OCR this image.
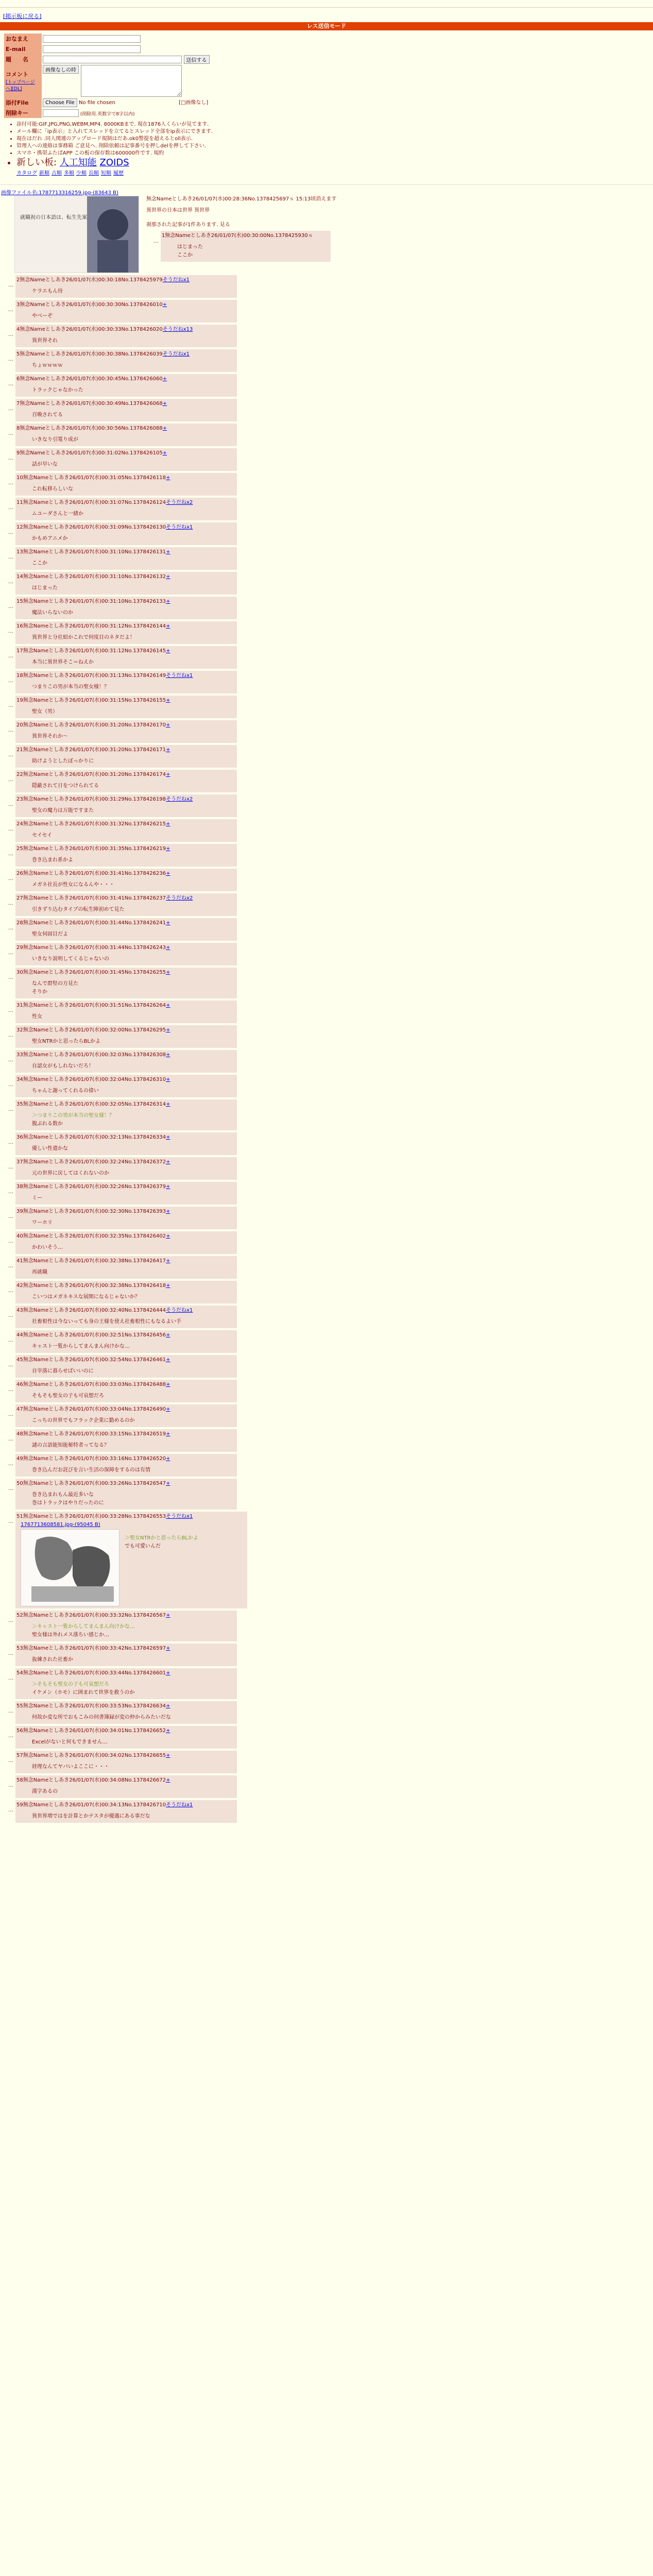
[掲示板に戻る]
レス送信モード
おなまえ	
E-mail	
題　　名	送信する
コメント
[トップページへ][DL]	画像なしの時

添付File	Choose File No file chosen [□画像なし]
削除キー	(削除用.英数字で8字以内)
• 添付可能:GIF,JPG,PNG,WEBM,MP4. 8000KBまで. 現在1876人くらいが見てます.
• メール欄に「ip表示」と入れてスレッドを立てるとスレッド全部をip表示にできます.
• 現在はだれ .同人関連のアップロード規制はだあ.ok0警提を超えるとoll表示.
• 管理人への連絡は事務箱 ご意見へ. 削除依頼は記事番号を押しdelを押して下さい.
• スマホ・携帯ふたばAPP この板の保存数は600000件です. 規約
• 新しい板: 人工知能 ZOIDS
カタログ 新順 古順 多順 少順 長順 短順 履歴
画像ファイル名:1787713316259.jpg-(83643 B)
就職祝の日本語は、転生先案
無念Nameとしあき26/01/07(水)00:28:36No.1378425697ｓ 15:13頃消えます
異世界の日本は世界 異世界
刹那された記事が1件あります. 見る
…
1無念Nameとしあき26/01/07(水)00:30:00No.1378425930ｓ
はじまった
ここか
…
2無念Nameとしあき26/01/07(水)00:30:18No.1378425979そうだねx1
ケラエもん待
…
3無念Nameとしあき26/01/07(水)00:30:30No.1378426010+
やべーぞ
…
4無念Nameとしあき26/01/07(水)00:30:33No.1378426020そうだねx13
異世界それ
…
5無念Nameとしあき26/01/07(水)00:30:38No.1378426039そうだねx1
ちょｗｗｗｗ
…
6無念Nameとしあき26/01/07(水)00:30:45No.1378426060+
トラックじゃなかった
…
7無念Nameとしあき26/01/07(水)00:30:49No.1378426068+
召喚されてる
…
8無念Nameとしあき26/01/07(水)00:30:56No.1378426088+
いきなり引篭り成が
…
9無念Nameとしあき26/01/07(水)00:31:02No.1378426105+
話が早いな
…
10無念Nameとしあき26/01/07(水)00:31:05No.1378426118+
これ転移らしいな
…
11無念Nameとしあき26/01/07(水)00:31:07No.1378426124そうだねx2
ムユーダさんと一緒か
…
12無念Nameとしあき26/01/07(水)00:31:09No.1378426130そうだねx1
かもめアニメか
…
13無念Nameとしあき26/01/07(水)00:31:10No.1378426131+
ここか
…
14無念Nameとしあき26/01/07(水)00:31:10No.1378426132+
はじまった
…
15無念Nameとしあき26/01/07(水)00:31:10No.1378426133+
魔法いらないのか
…
16無念Nameとしあき26/01/07(水)00:31:12No.1378426144+
異世界と分社紹かこれで何度目のネタだよ！
…
17無念Nameとしあき26/01/07(水)00:31:12No.1378426145+
本当に異世界そこ＝ねえか
…
18無念Nameとしあき26/01/07(水)00:31:13No.1378426149そうだねx1
つまりこの男が本当の聖女様！？
…
19無念Nameとしあき26/01/07(水)00:31:15No.1378426155+
聖女（男）
…
20無念Nameとしあき26/01/07(水)00:31:20No.1378426170+
異世界それか～
…
21無念Nameとしあき26/01/07(水)00:31:20No.1378426171+
助けようとしたぼっかりに
…
22無念Nameとしあき26/01/07(水)00:31:20No.1378426174+
隠蔽されて日をつけられてる
…
23無念Nameとしあき26/01/07(水)00:31:29No.1378426198そうだねx2
聖女の魔力は万能ですまた
…
24無念Nameとしあき26/01/07(水)00:31:32No.1378426215+
セイセイ
…
25無念Nameとしあき26/01/07(水)00:31:35No.1378426219+
巻き込まれ系かよ
…
26無念Nameとしあき26/01/07(水)00:31:41No.1378426236+
メガネ社長が性女になるんや・・・
…
27無念Nameとしあき26/01/07(水)00:31:41No.1378426237そうだねx2
引きずり込むタイプの転生陣初めて見た
…
28無念Nameとしあき26/01/07(水)00:31:44No.1378426241+
聖女伺固目だよ
…
29無念Nameとしあき26/01/07(水)00:31:44No.1378426243+
いきなり説明してくるじゃないの
…
30無念Nameとしあき26/01/07(水)00:31:45No.1378426255+
なんで群堅の方見た
そりか
…
31無念Nameとしあき26/01/07(水)00:31:51No.1378426264+
性女
…
32無念Nameとしあき26/01/07(水)00:32:00No.1378426295+
聖女NTRかと思ったらBLかよ
…
33無念Nameとしあき26/01/07(水)00:32:03No.1378426308+
自認女がもしれないだろ！
…
34無念Nameとしあき26/01/07(水)00:32:04No.1378426310+
ちゃんと謝ってくれるの偉い
…
35無念Nameとしあき26/01/07(水)00:32:05No.1378426314+
＞つまりこの男が本当の聖女様！？
腹ぶれる数か
…
36無念Nameとしあき26/01/07(水)00:32:13No.1378426334+
優しい性遣かな
…
37無念Nameとしあき26/01/07(水)00:32:24No.1378426372+
元の世界に戻してはくれないのか
…
38無念Nameとしあき26/01/07(水)00:32:26No.1378426379+
ミー
…
39無念Nameとしあき26/01/07(水)00:32:30No.1378426393+
ワーホリ
…
40無念Nameとしあき26/01/07(水)00:32:35No.1378426402+
かわいそう…
…
41無念Nameとしあき26/01/07(水)00:32:38No.1378426417+
再就職
…
42無念Nameとしあき26/01/07(水)00:32:38No.1378426418+
こいつはメガネキスな展開になるじゃないか？
…
43無念Nameとしあき26/01/07(水)00:32:40No.1378426444そうだねx1
社畜根性は今ないっても身の王様を使え社畜根性にもなるよい手
…
44無念Nameとしあき26/01/07(水)00:32:51No.1378426456+
キャスト一覧からしてまんまん向けかな…
…
45無念Nameとしあき26/01/07(水)00:32:54No.1378426461+
自宰落に暮らせばいいのに
…
46無念Nameとしあき26/01/07(水)00:33:03No.1378426488+
そもそも聖女の子も可哀想だろ
…
47無念Nameとしあき26/01/07(水)00:33:04No.1378426490+
こっちの世界でもフラック企業に勤めるのか
…
48無念Nameとしあき26/01/07(水)00:33:15No.1378426519+
謎の言語能知能秘特者ってなる？
…
49無念Nameとしあき26/01/07(水)00:33:16No.1378426520+
巻き込んだお詫びを言い生活の保障をするのは有情
…
50無念Nameとしあき26/01/07(水)00:33:26No.1378426547+
巻き込まれもん最近多いな
巻はトラックはやりだったのに
…
51無念Nameとしあき26/01/07(水)00:33:28No.1378426553そうだねx1
1767713608581.jpg-(95045 B)
＞聖女NTRかと思ったらBLかよ
でも可愛いんだ
…
52無念Nameとしあき26/01/07(水)00:33:32No.1378426567+
＞キャスト一覧からしてまんまん向けかな…
聖女様は外れメス落ちい感じか…
…
53無念Nameとしあき26/01/07(水)00:33:42No.1378426597+
抜練された社畜か
…
54無念Nameとしあき26/01/07(水)00:33:44No.1378426601+
＞そもそも聖女の子も可哀想だろ
イケメン（ホモ）に囲まれて世界を救うのか
…
55無念Nameとしあき26/01/07(水)00:33:53No.1378426634+
何故か変な所でおもこみの何書簿録が変の仲からみたいだな
…
56無念Nameとしあき26/01/07(水)00:34:01No.1378426652+
Excelがないと何もできません…
…
57無念Nameとしあき26/01/07(水)00:34:02No.1378426655+
経理なんてヤバいよここに・・・
…
58無念Nameとしあき26/01/07(水)00:34:08No.1378426672+
漢字あるの
…
59無念Nameとしあき26/01/07(水)00:34:13No.1378426710そうだねx1
異世界増ではを計算とかテスタが優遇にある事だな
